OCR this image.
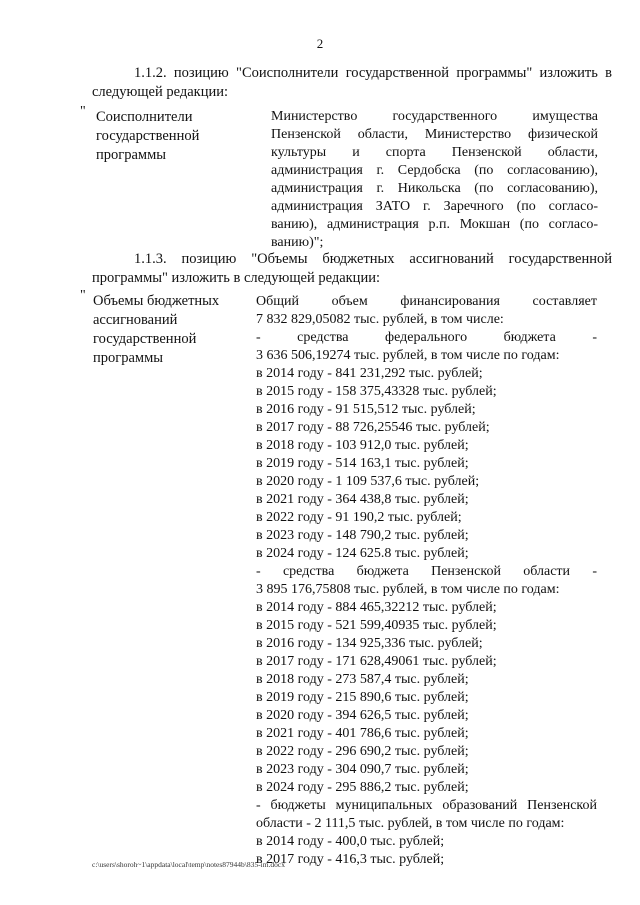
2
1.1.2. позицию "Соисполнители государственной программы" изложить в следующей редакции:
" Соисполнители
государственной
программы
Министерство государственного имущества
Пензенской области, Министерство физической
культуры и спорта Пензенской области,
администрация г. Сердобска (по согласованию),
администрация г. Никольска (по согласованию),
администрация ЗАТО г. Заречного (по согласо-
ванию), администрация р.п. Мокшан (по согласо-
ванию)";
1.1.3. позицию "Объемы бюджетных ассигнований государственной программы" изложить в следующей редакции:
" Объемы бюджетных
ассигнований
государственной
программы
Общий объем финансирования составляет
7 832 829,05082 тыс. рублей, в том числе:
- средства федерального бюджета -
3 636 506,19274 тыс. рублей, в том числе по годам:
в 2014 году - 841 231,292 тыс. рублей;
в 2015 году - 158 375,43328 тыс. рублей;
в 2016 году - 91 515,512 тыс. рублей;
в 2017 году - 88 726,25546 тыс. рублей;
в 2018 году - 103 912,0 тыс. рублей;
в 2019 году - 514 163,1 тыс. рублей;
в 2020 году - 1 109 537,6 тыс. рублей;
в 2021 году - 364 438,8 тыс. рублей;
в 2022 году - 91 190,2 тыс. рублей;
в 2023 году - 148 790,2 тыс. рублей;
в 2024 году - 124 625.8 тыс. рублей;
- средства бюджета Пензенской области -
3 895 176,75808 тыс. рублей, в том числе по годам:
в 2014 году - 884 465,32212 тыс. рублей;
в 2015 году - 521 599,40935 тыс. рублей;
в 2016 году - 134 925,336 тыс. рублей;
в 2017 году - 171 628,49061 тыс. рублей;
в 2018 году - 273 587,4 тыс. рублей;
в 2019 году - 215 890,6 тыс. рублей;
в 2020 году - 394 626,5 тыс. рублей;
в 2021 году - 401 786,6 тыс. рублей;
в 2022 году - 296 690,2 тыс. рублей;
в 2023 году - 304 090,7 тыс. рублей;
в 2024 году - 295 886,2 тыс. рублей;
- бюджеты муниципальных образований Пензенской
области - 2 111,5 тыс. рублей, в том числе по годам:
в 2014 году - 400,0 тыс. рублей;
в 2017 году - 416,3 тыс. рублей;
c:\users\shoroh~1\appdata\local\temp\notes87944b\835-im.docx
